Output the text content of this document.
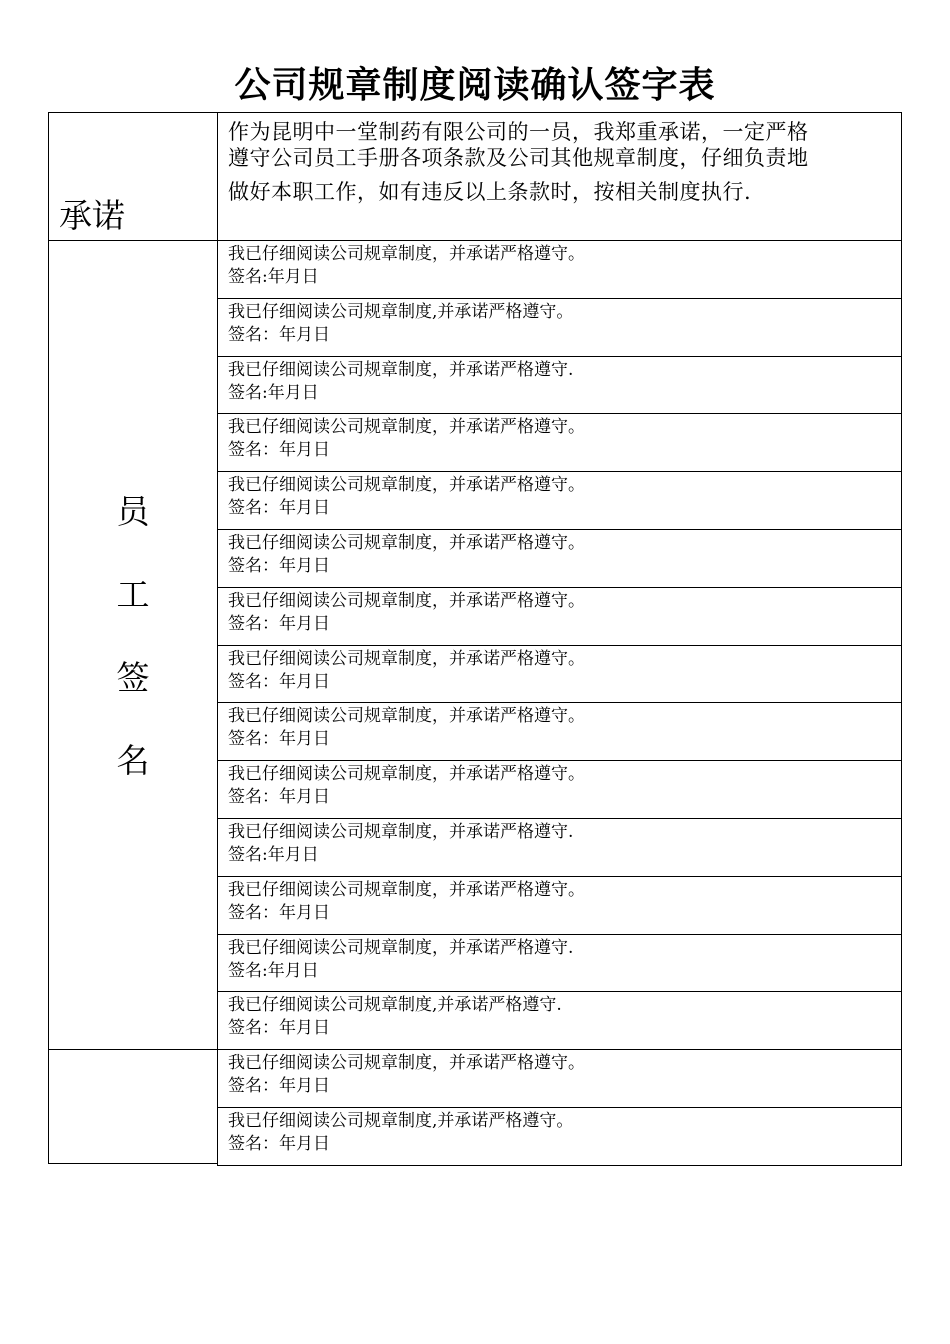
公司规章制度阅读确认签字表
承诺
作为昆明中一堂制药有限公司的一员，我郑重承诺，一定严格
遵守公司员工手册各项条款及公司其他规章制度，仔细负责地
做好本职工作，如有违反以上条款时，按相关制度执行.
员
工
签
名
我已仔细阅读公司规章制度，并承诺严格遵守。
签名:年月日
我已仔细阅读公司规章制度,并承诺严格遵守。
签名：年月日
我已仔细阅读公司规章制度，并承诺严格遵守.
签名:年月日
我已仔细阅读公司规章制度，并承诺严格遵守。
签名：年月日
我已仔细阅读公司规章制度，并承诺严格遵守。
签名：年月日
我已仔细阅读公司规章制度，并承诺严格遵守。
签名：年月日
我已仔细阅读公司规章制度，并承诺严格遵守。
签名：年月日
我已仔细阅读公司规章制度，并承诺严格遵守。
签名：年月日
我已仔细阅读公司规章制度，并承诺严格遵守。
签名：年月日
我已仔细阅读公司规章制度，并承诺严格遵守。
签名：年月日
我已仔细阅读公司规章制度，并承诺严格遵守.
签名:年月日
我已仔细阅读公司规章制度，并承诺严格遵守。
签名：年月日
我已仔细阅读公司规章制度，并承诺严格遵守.
签名:年月日
我已仔细阅读公司规章制度,并承诺严格遵守.
签名：年月日
我已仔细阅读公司规章制度，并承诺严格遵守。
签名：年月日
我已仔细阅读公司规章制度,并承诺严格遵守。
签名：年月日
